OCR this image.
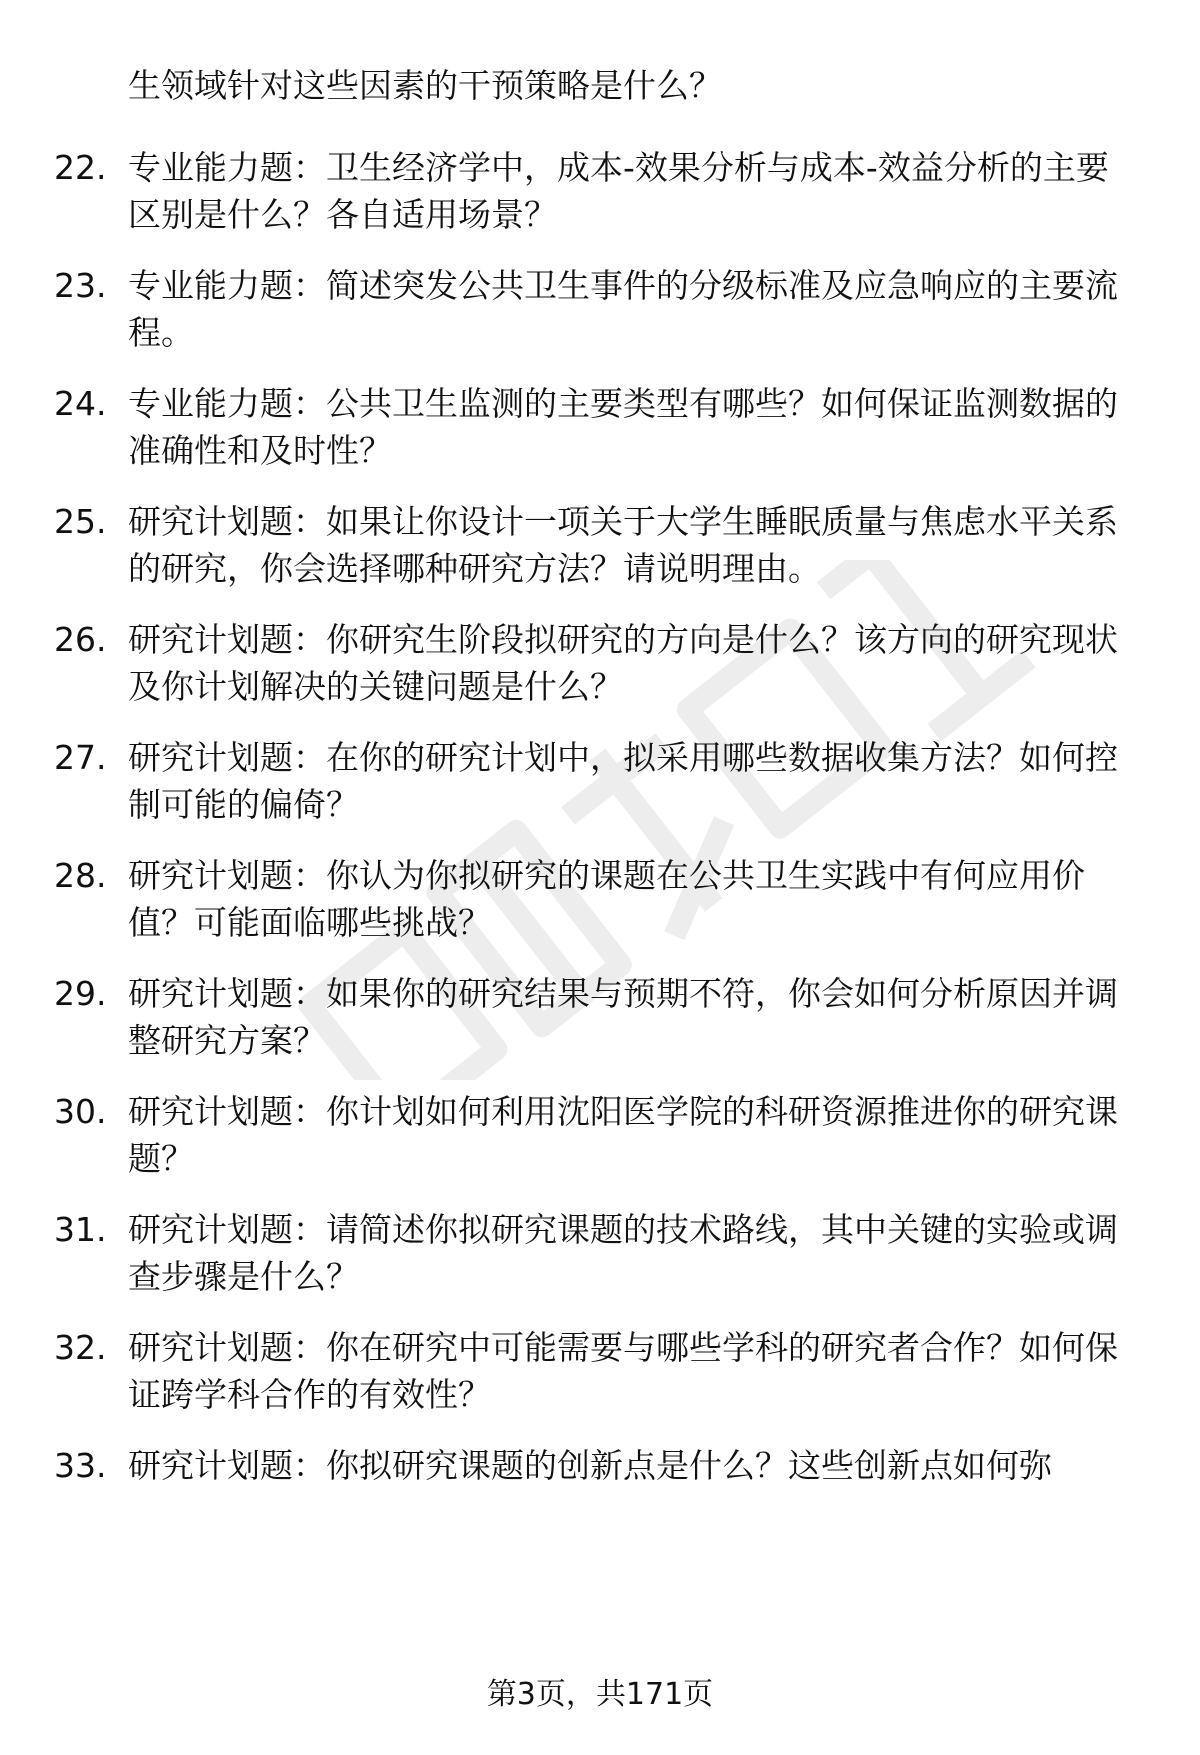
生领域针对这些因素的干预策略是什么？
22. 专业能力题：卫生经济学中，成本-效果分析与成本-效益分析的主要区别是什么？各自适用场景？
23. 专业能力题：简述突发公共卫生事件的分级标准及应急响应的主要流程。
24. 专业能力题：公共卫生监测的主要类型有哪些？如何保证监测数据的准确性和及时性？
25. 研究计划题：如果让你设计一项关于大学生睡眠质量与焦虑水平关系的研究，你会选择哪种研究方法？请说明理由。
26. 研究计划题：你研究生阶段拟研究的方向是什么？该方向的研究现状及你计划解决的关键问题是什么？
27. 研究计划题：在你的研究计划中，拟采用哪些数据收集方法？如何控制可能的偏倚？
28. 研究计划题：你认为你拟研究的课题在公共卫生实践中有何应用价值？可能面临哪些挑战？
29. 研究计划题：如果你的研究结果与预期不符，你会如何分析原因并调整研究方案？
30. 研究计划题：你计划如何利用沈阳医学院的科研资源推进你的研究课题？
31. 研究计划题：请简述你拟研究课题的技术路线，其中关键的实验或调查步骤是什么？
32. 研究计划题：你在研究中可能需要与哪些学科的研究者合作？如何保证跨学科合作的有效性？
33. 研究计划题：你拟研究课题的创新点是什么？这些创新点如何弥
第3页，共171页
